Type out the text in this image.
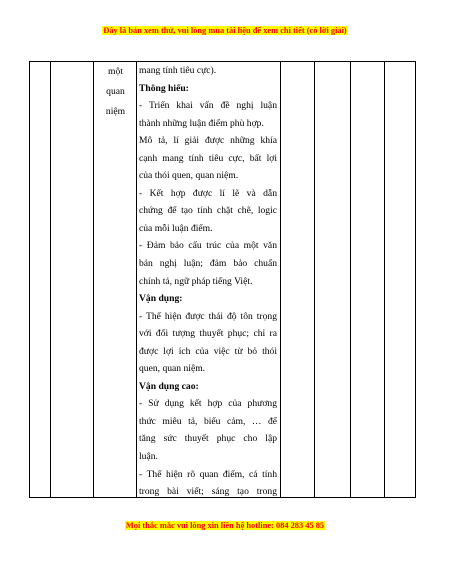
Đây là bản xem thử, vui lòng mua tài liệu để xem chi tiết (có lời giải)
một
quan
niệm
mang tính tiêu cực).
Thông hiểu:
- Triển khai vấn đề nghị luận
thành những luận điểm phù hợp.
Mô tả, lí giải được những khía
cạnh mang tính tiêu cực, bất lợi
của thói quen, quan niệm.
- Kết hợp được lí lẽ và dẫn
chứng để tạo tính chặt chẽ, logic
của mỗi luận điểm.
- Đảm bảo cấu trúc của một văn
bản nghị luận; đảm bảo chuẩn
chính tả, ngữ pháp tiếng Việt.
Vận dụng:
- Thể hiện được thái độ tôn trọng
với đối tượng thuyết phục; chỉ ra
được lợi ích của việc từ bỏ thói
quen, quan niệm.
Vận dụng cao:
- Sử dụng kết hợp của phương
thức miêu tả, biểu cảm, … để
tăng sức thuyết phục cho lập
luận.
- Thể hiện rõ quan điểm, cá tính
trong bài viết; sáng tạo trong
Mọi thắc mắc vui lòng xin liên hệ hotline: 084 283 45 85
